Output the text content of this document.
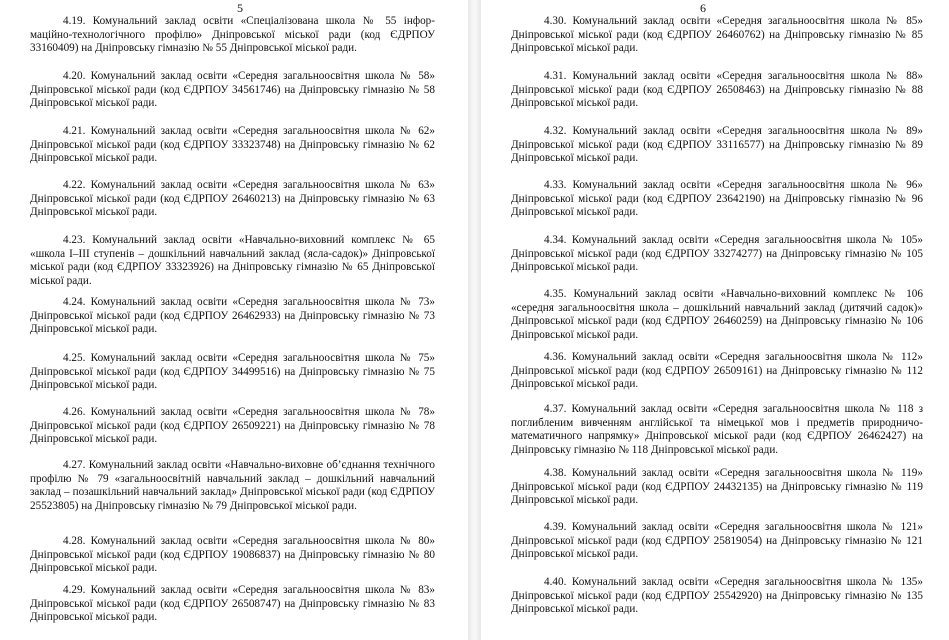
5

4.19. Комунальний заклад освіти «Спеціалізована школа № 55 інфор-маційно-технологічного профілю» Дніпровської міської ради (код ЄДРПОУ 33160409) на Дніпровську гімназію № 55 Дніпровської міської ради.

4.20. Комунальний заклад освіти «Середня загальноосвітня школа № 58» Дніпровської міської ради (код ЄДРПОУ 34561746) на Дніпровську гімназію № 58 Дніпровської міської ради.

4.21. Комунальний заклад освіти «Середня загальноосвітня школа № 62» Дніпровської міської ради (код ЄДРПОУ 33323748) на Дніпровську гімназію № 62 Дніпровської міської ради.

4.22. Комунальний заклад освіти «Середня загальноосвітня школа № 63» Дніпровської міської ради (код ЄДРПОУ 26460213) на Дніпровську гімназію № 63 Дніпровської міської ради.

4.23. Комунальний заклад освіти «Навчально-виховний комплекс № 65 «школа I–III ступенів – дошкільний навчальний заклад (ясла-садок)» Дніпровської міської ради (код ЄДРПОУ 33323926) на Дніпровську гімназію № 65 Дніпровської міської ради.

4.24. Комунальний заклад освіти «Середня загальноосвітня школа № 73» Дніпровської міської ради (код ЄДРПОУ 26462933) на Дніпровську гімназію № 73 Дніпровської міської ради.

4.25. Комунальний заклад освіти «Середня загальноосвітня школа № 75» Дніпровської міської ради (код ЄДРПОУ 34499516) на Дніпровську гімназію № 75 Дніпровської міської ради.

4.26. Комунальний заклад освіти «Середня загальноосвітня школа № 78» Дніпровської міської ради (код ЄДРПОУ 26509221) на Дніпровську гімназію № 78 Дніпровської міської ради.

4.27. Комунальний заклад освіти «Навчально-виховне об’єднання технічного профілю № 79 «загальноосвітній навчальний заклад – дошкільний навчальний заклад – позашкільний навчальний заклад» Дніпровської міської ради (код ЄДРПОУ 25523805) на Дніпровську гімназію № 79 Дніпровської міської ради.

4.28. Комунальний заклад освіти «Середня загальноосвітня школа № 80» Дніпровської міської ради (код ЄДРПОУ 19086837) на Дніпровську гімназію № 80 Дніпровської міської ради.

4.29. Комунальний заклад освіти «Середня загальноосвітня школа № 83» Дніпровської міської ради (код ЄДРПОУ 26508747) на Дніпровську гімназію № 83 Дніпровської міської ради.

6

4.30. Комунальний заклад освіти «Середня загальноосвітня школа № 85» Дніпровської міської ради (код ЄДРПОУ 26460762) на Дніпровську гімназію № 85 Дніпровської міської ради.

4.31. Комунальний заклад освіти «Середня загальноосвітня школа № 88» Дніпровської міської ради (код ЄДРПОУ 26508463) на Дніпровську гімназію № 88 Дніпровської міської ради.

4.32. Комунальний заклад освіти «Середня загальноосвітня школа № 89» Дніпровської міської ради (код ЄДРПОУ 33116577) на Дніпровську гімназію № 89 Дніпровської міської ради.

4.33. Комунальний заклад освіти «Середня загальноосвітня школа № 96» Дніпровської міської ради (код ЄДРПОУ 23642190) на Дніпровську гімназію № 96 Дніпровської міської ради.

4.34. Комунальний заклад освіти «Середня загальноосвітня школа № 105» Дніпровської міської ради (код ЄДРПОУ 33274277) на Дніпровську гімназію № 105 Дніпровської міської ради.

4.35. Комунальний заклад освіти «Навчально-виховний комплекс № 106 «середня загальноосвітня школа – дошкільний навчальний заклад (дитячий садок)» Дніпровської міської ради (код ЄДРПОУ 26460259) на Дніпровську гімназію № 106 Дніпровської міської ради.

4.36. Комунальний заклад освіти «Середня загальноосвітня школа № 112» Дніпровської міської ради (код ЄДРПОУ 26509161) на Дніпровську гімназію № 112 Дніпровської міської ради.

4.37. Комунальний заклад освіти «Середня загальноосвітня школа № 118 з поглибленим вивченням англійської та німецької мов і предметів природничо-математичного напрямку» Дніпровської міської ради (код ЄДРПОУ 26462427) на Дніпровську гімназію № 118 Дніпровської міської ради.

4.38. Комунальний заклад освіти «Середня загальноосвітня школа № 119» Дніпровської міської ради (код ЄДРПОУ 24432135) на Дніпровську гімназію № 119 Дніпровської міської ради.

4.39. Комунальний заклад освіти «Середня загальноосвітня школа № 121» Дніпровської міської ради (код ЄДРПОУ 25819054) на Дніпровську гімназію № 121 Дніпровської міської ради.

4.40. Комунальний заклад освіти «Середня загальноосвітня школа № 135» Дніпровської міської ради (код ЄДРПОУ 25542920) на Дніпровську гімназію № 135 Дніпровської міської ради.
